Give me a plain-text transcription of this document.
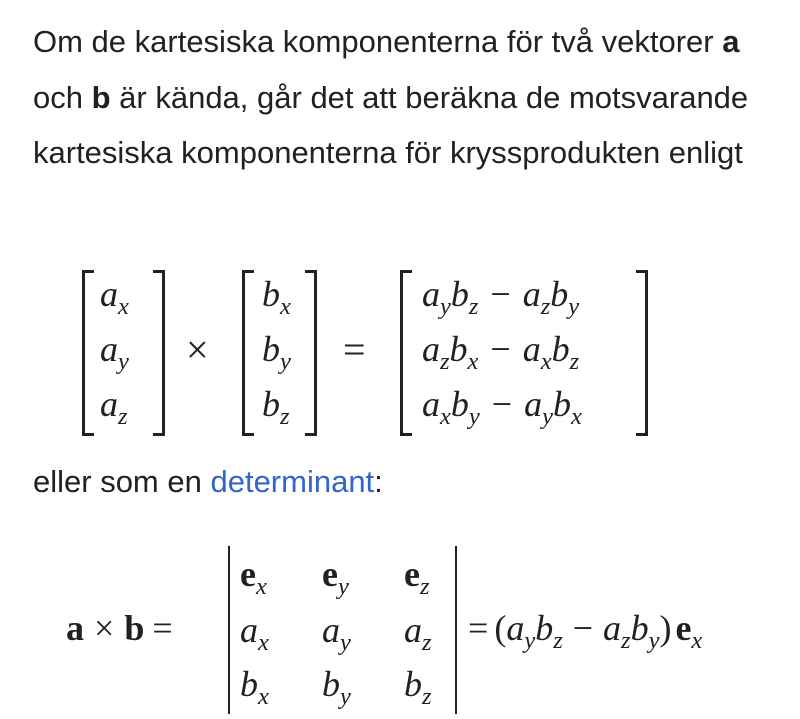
Om de kartesiska komponenterna för två vektorer a och b är kända, går det att beräkna de motsvarande kartesiska komponenterna för kryssprodukten enligt

$a_x$
$a_y$
$a_z$
×
$b_x$
$b_y$
$b_z$
=
$a_yb_z - a_zb_y$
$a_zb_x - a_xb_z$
$a_xb_y - a_yb_x$

eller som en determinant:

a × b =
$e_x$ $e_y$ $e_z$
$a_x$ $a_y$ $a_z$
$b_x$ $b_y$ $b_z$
= $(a_yb_z - a_zb_y)$ $e_x$
